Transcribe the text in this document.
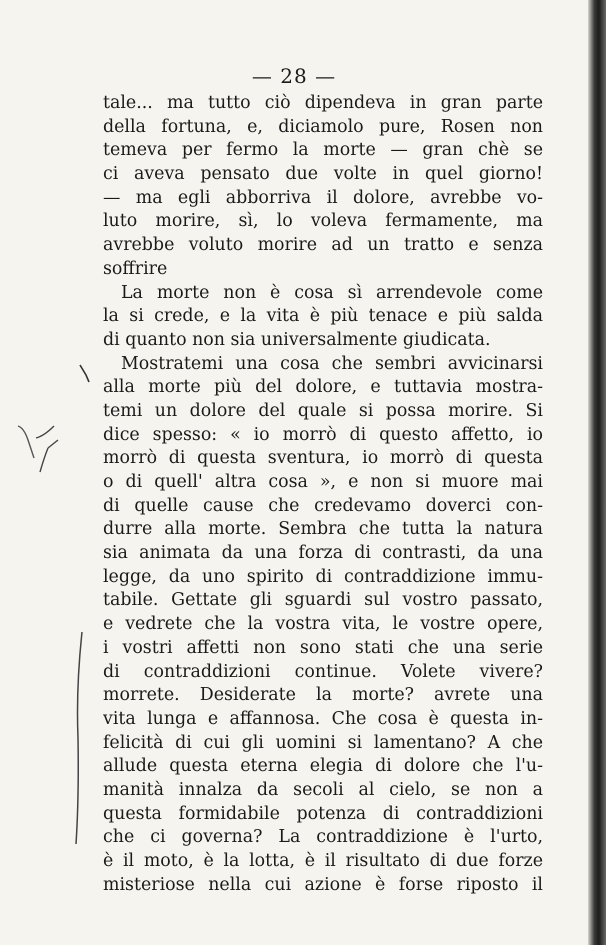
— 28 —
tale... ma tutto ciò dipendeva in gran parte
della fortuna, e, diciamolo pure, Rosen non
temeva per fermo la morte — gran chè se
ci aveva pensato due volte in quel giorno!
— ma egli abborriva il dolore, avrebbe vo-
luto morire, sì, lo voleva fermamente, ma
avrebbe voluto morire ad un tratto e senza
soffrire
La morte non è cosa sì arrendevole come
la si crede, e la vita è più tenace e più salda
di quanto non sia universalmente giudicata.
Mostratemi una cosa che sembri avvicinarsi
alla morte più del dolore, e tuttavia mostra-
temi un dolore del quale si possa morire. Si
dice spesso: « io morrò di questo affetto, io
morrò di questa sventura, io morrò di questa
o di quell' altra cosa », e non si muore mai
di quelle cause che credevamo doverci con-
durre alla morte. Sembra che tutta la natura
sia animata da una forza di contrasti, da una
legge, da uno spirito di contraddizione immu-
tabile. Gettate gli sguardi sul vostro passato,
e vedrete che la vostra vita, le vostre opere,
i vostri affetti non sono stati che una serie
di contraddizioni continue. Volete vivere?
morrete. Desiderate la morte? avrete una
vita lunga e affannosa. Che cosa è questa in-
felicità di cui gli uomini si lamentano? A che
allude questa eterna elegia di dolore che l'u-
manità innalza da secoli al cielo, se non a
questa formidabile potenza di contraddizioni
che ci governa? La contraddizione è l'urto,
è il moto, è la lotta, è il risultato di due forze
misteriose nella cui azione è forse riposto il
